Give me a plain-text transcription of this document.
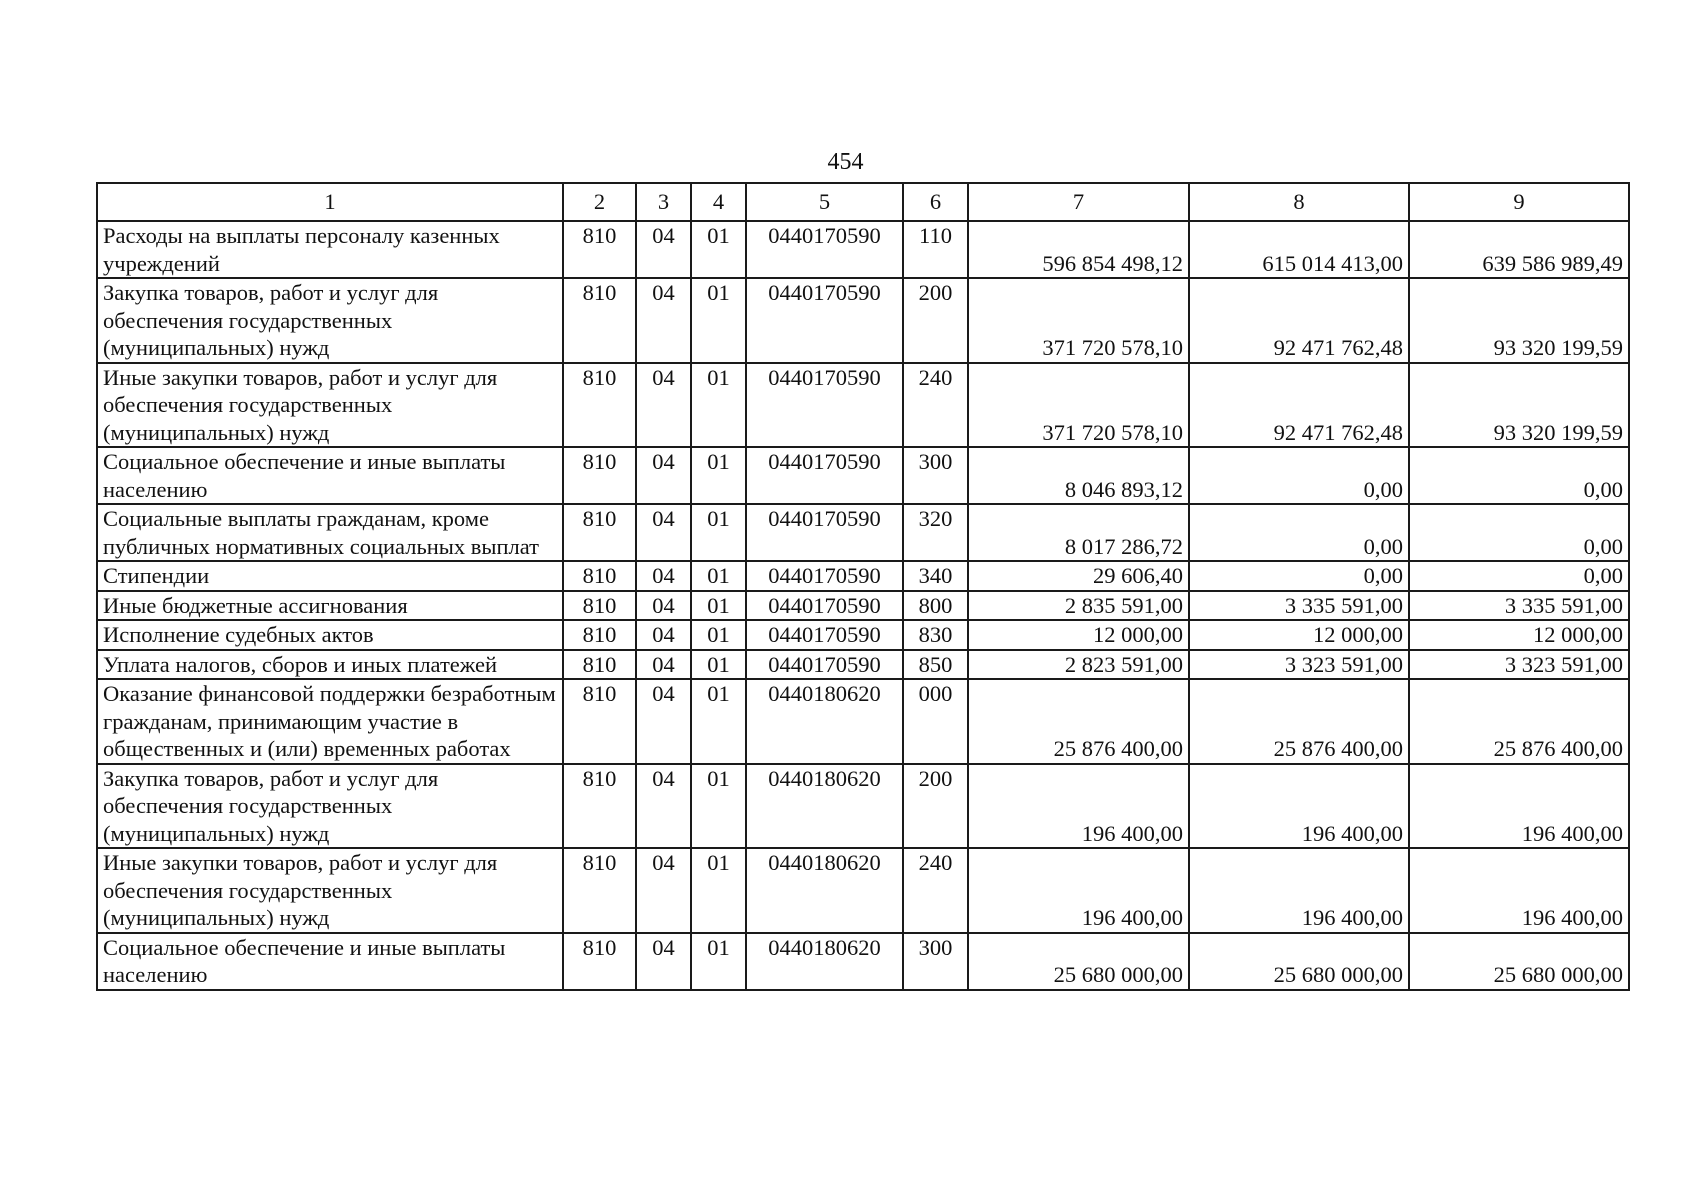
454
1	2	3	4	5	6	7	8	9
Расходы на выплаты персоналу казенных учреждений	810	04	01	0440170590	110	596 854 498,12	615 014 413,00	639 586 989,49
Закупка товаров, работ и услуг для обеспечения государственных (муниципальных) нужд	810	04	01	0440170590	200	371 720 578,10	92 471 762,48	93 320 199,59
Иные закупки товаров, работ и услуг для обеспечения государственных (муниципальных) нужд	810	04	01	0440170590	240	371 720 578,10	92 471 762,48	93 320 199,59
Социальное обеспечение и иные выплаты населению	810	04	01	0440170590	300	8 046 893,12	0,00	0,00
Социальные выплаты гражданам, кроме публичных нормативных социальных выплат	810	04	01	0440170590	320	8 017 286,72	0,00	0,00
Стипендии	810	04	01	0440170590	340	29 606,40	0,00	0,00
Иные бюджетные ассигнования	810	04	01	0440170590	800	2 835 591,00	3 335 591,00	3 335 591,00
Исполнение судебных актов	810	04	01	0440170590	830	12 000,00	12 000,00	12 000,00
Уплата налогов, сборов и иных платежей	810	04	01	0440170590	850	2 823 591,00	3 323 591,00	3 323 591,00
Оказание финансовой поддержки безработным гражданам, принимающим участие в общественных и (или) временных работах	810	04	01	0440180620	000	25 876 400,00	25 876 400,00	25 876 400,00
Закупка товаров, работ и услуг для обеспечения государственных (муниципальных) нужд	810	04	01	0440180620	200	196 400,00	196 400,00	196 400,00
Иные закупки товаров, работ и услуг для обеспечения государственных (муниципальных) нужд	810	04	01	0440180620	240	196 400,00	196 400,00	196 400,00
Социальное обеспечение и иные выплаты населению	810	04	01	0440180620	300	25 680 000,00	25 680 000,00	25 680 000,00
